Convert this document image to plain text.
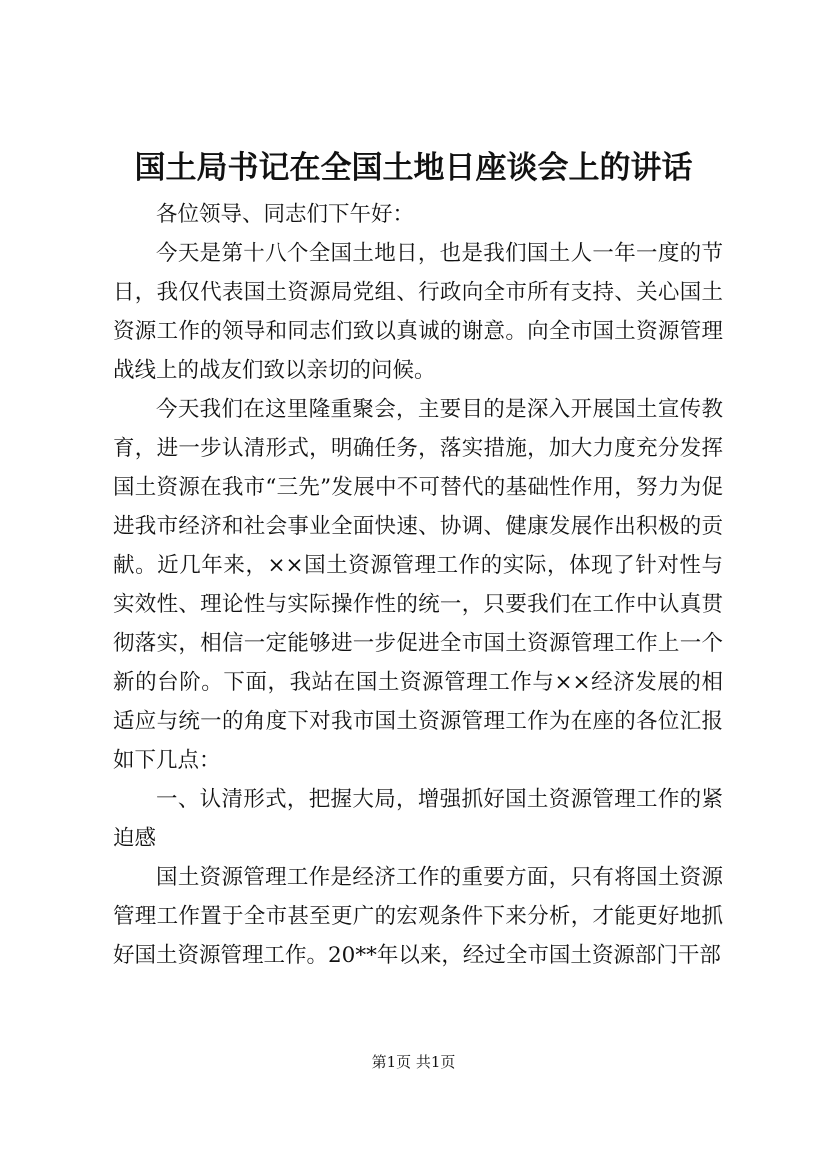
国土局书记在全国土地日座谈会上的讲话

各位领导、同志们下午好：

今天是第十八个全国土地日，也是我们国土人一年一度的节日，我仅代表国土资源局党组、行政向全市所有支持、关心国土资源工作的领导和同志们致以真诚的谢意。向全市国土资源管理战线上的战友们致以亲切的问候。

今天我们在这里隆重聚会，主要目的是深入开展国土宣传教育，进一步认清形式，明确任务，落实措施，加大力度充分发挥国土资源在我市“三先”发展中不可替代的基础性作用，努力为促进我市经济和社会事业全面快速、协调、健康发展作出积极的贡献。近几年来，××国土资源管理工作的实际，体现了针对性与实效性、理论性与实际操作性的统一，只要我们在工作中认真贯彻落实，相信一定能够进一步促进全市国土资源管理工作上一个新的台阶。下面，我站在国土资源管理工作与××经济发展的相适应与统一的角度下对我市国土资源管理工作为在座的各位汇报如下几点：

一、认清形式，把握大局，增强抓好国土资源管理工作的紧迫感

国土资源管理工作是经济工作的重要方面，只有将国土资源管理工作置于全市甚至更广的宏观条件下来分析，才能更好地抓好国土资源管理工作。20**年以来，经过全市国土资源部门干部

第1页 共1页
